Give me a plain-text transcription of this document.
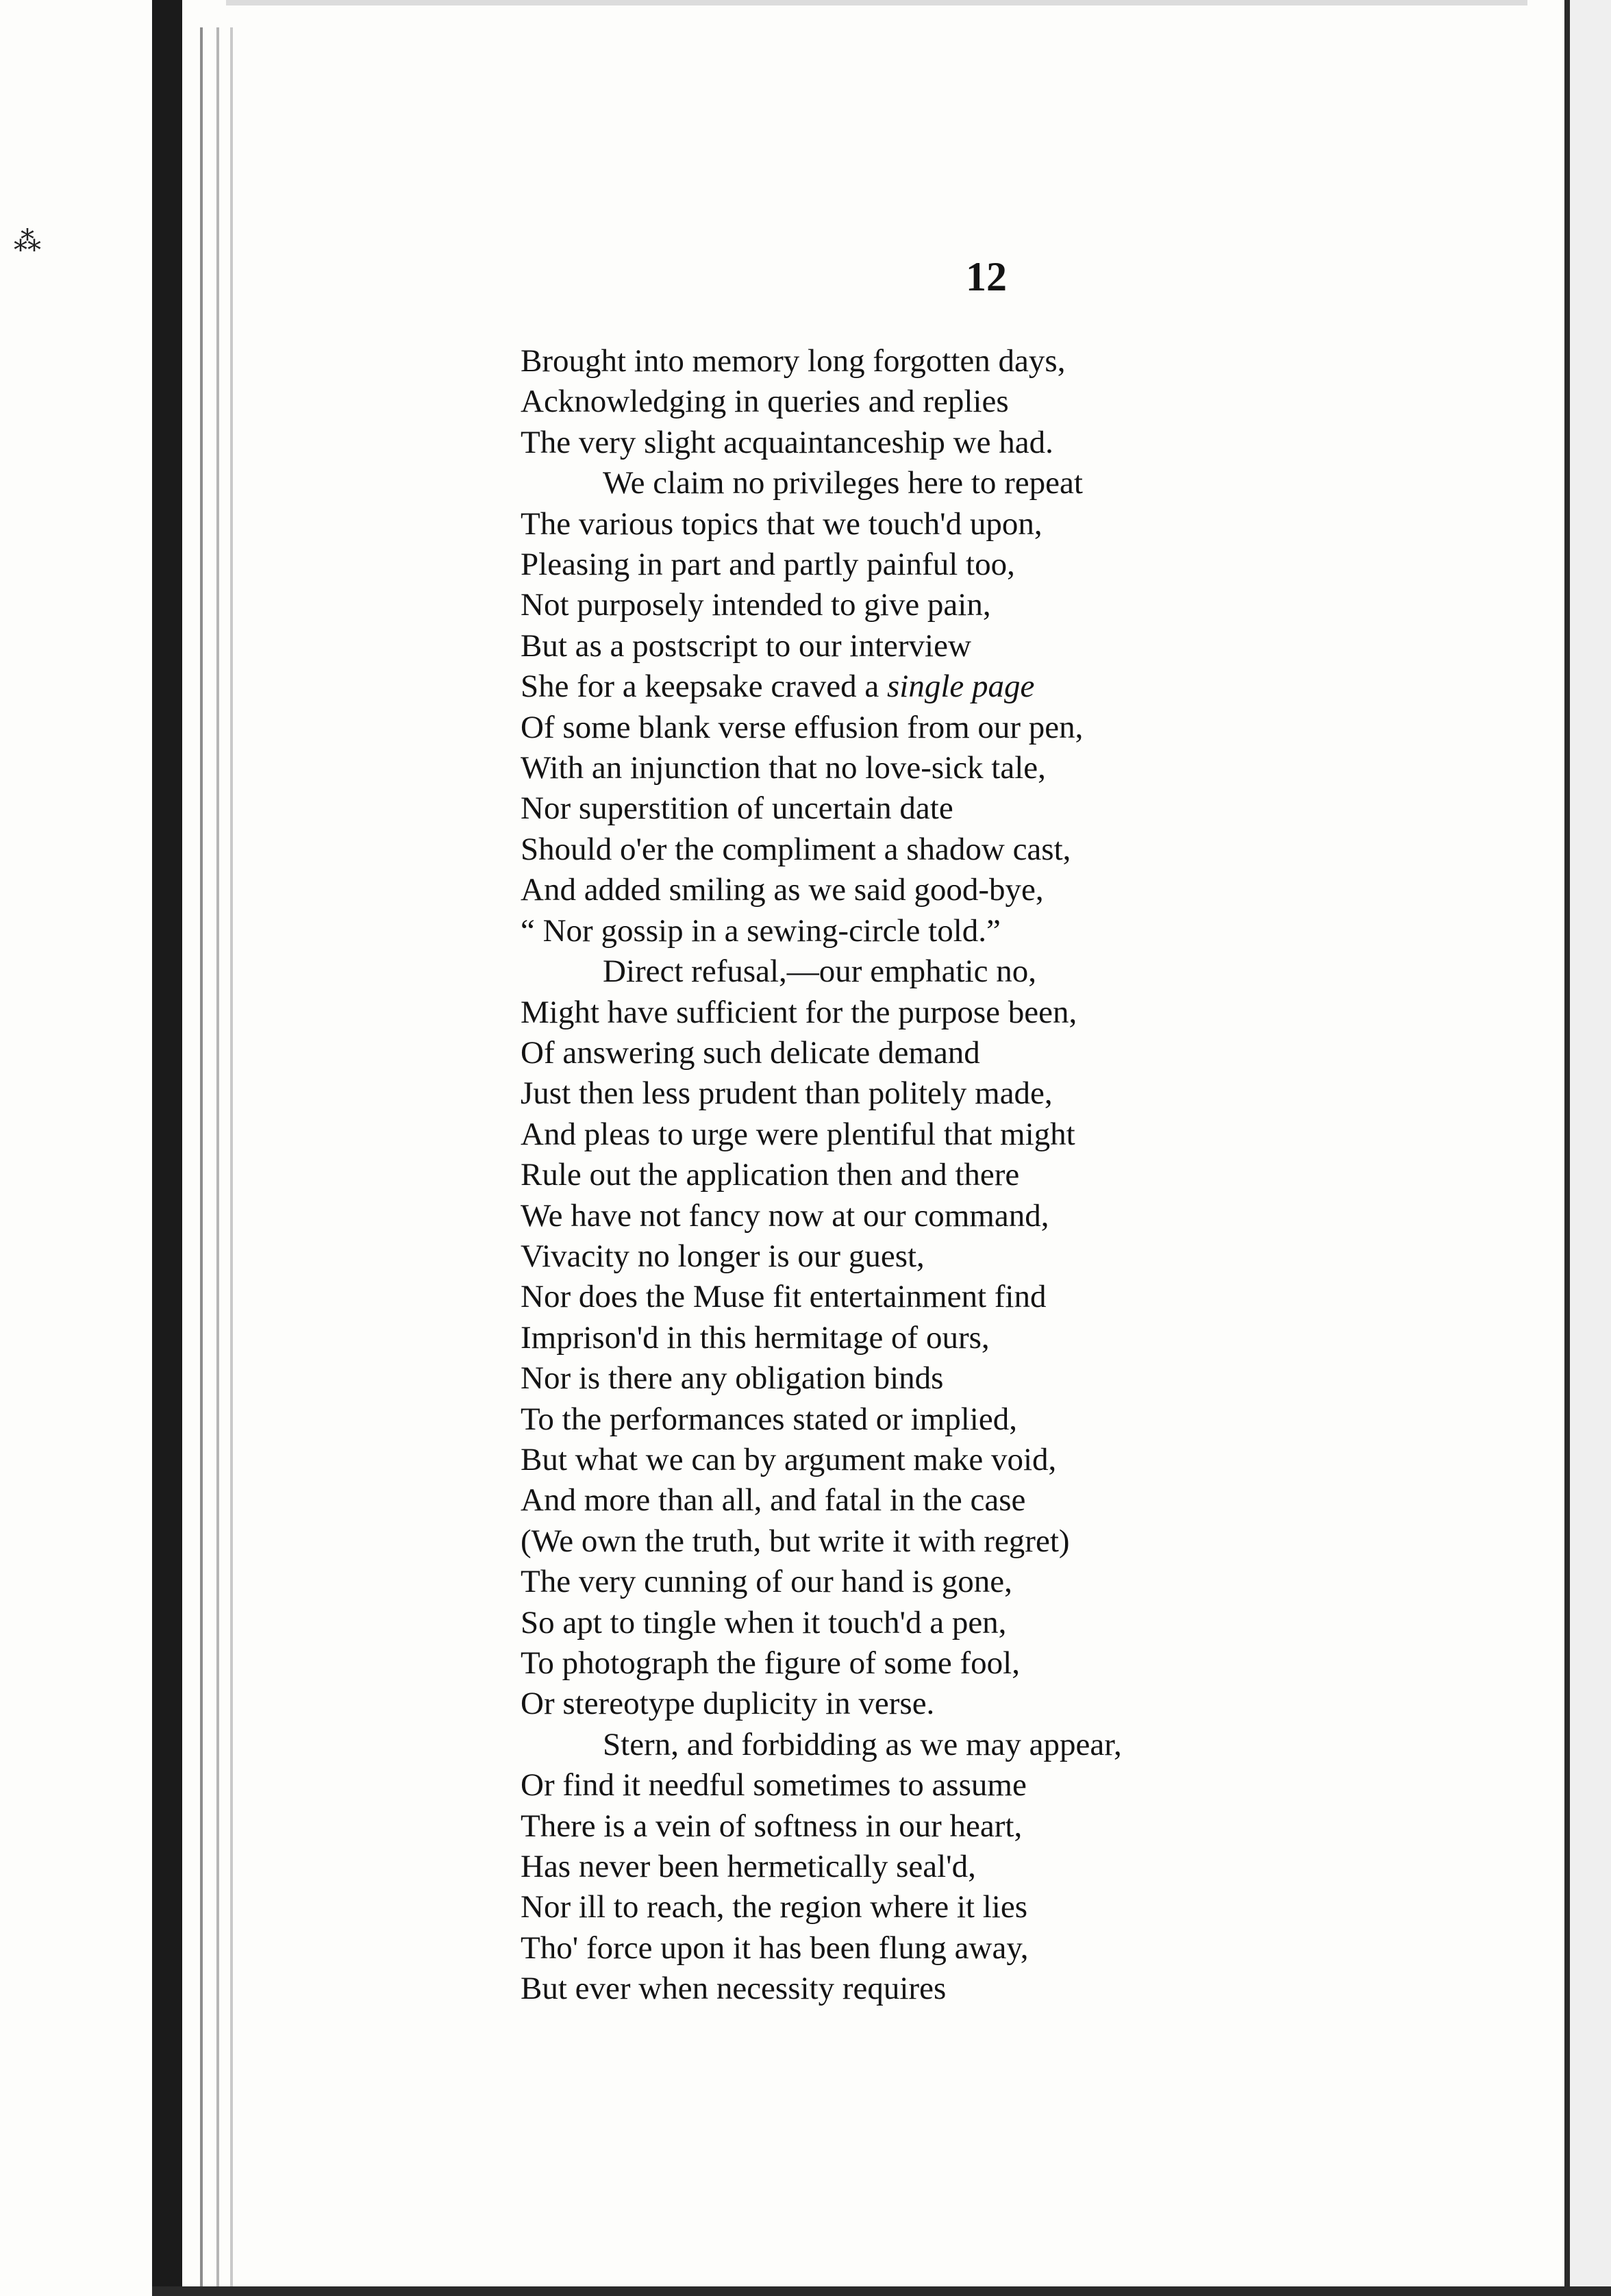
⁂
12
Brought into memory long forgotten days,
Acknowledging in queries and replies
The very slight acquaintanceship we had.
We claim no privileges here to repeat
The various topics that we touch'd upon,
Pleasing in part and partly painful too,
Not purposely intended to give pain,
But as a postscript to our interview
She for a keepsake craved a single page
Of some blank verse effusion from our pen,
With an injunction that no love-sick tale,
Nor superstition of uncertain date
Should o'er the compliment a shadow cast,
And added smiling as we said good-bye,
“ Nor gossip in a sewing-circle told.”
Direct refusal,—our emphatic no,
Might have sufficient for the purpose been,
Of answering such delicate demand
Just then less prudent than politely made,
And pleas to urge were plentiful that might
Rule out the application then and there
We have not fancy now at our command,
Vivacity no longer is our guest,
Nor does the Muse fit entertainment find
Imprison'd in this hermitage of ours,
Nor is there any obligation binds
To the performances stated or implied,
But what we can by argument make void,
And more than all, and fatal in the case
(We own the truth, but write it with regret)
The very cunning of our hand is gone,
So apt to tingle when it touch'd a pen,
To photograph the figure of some fool,
Or stereotype duplicity in verse.
Stern, and forbidding as we may appear,
Or find it needful sometimes to assume
There is a vein of softness in our heart,
Has never been hermetically seal'd,
Nor ill to reach, the region where it lies
Tho' force upon it has been flung away,
But ever when necessity requires
